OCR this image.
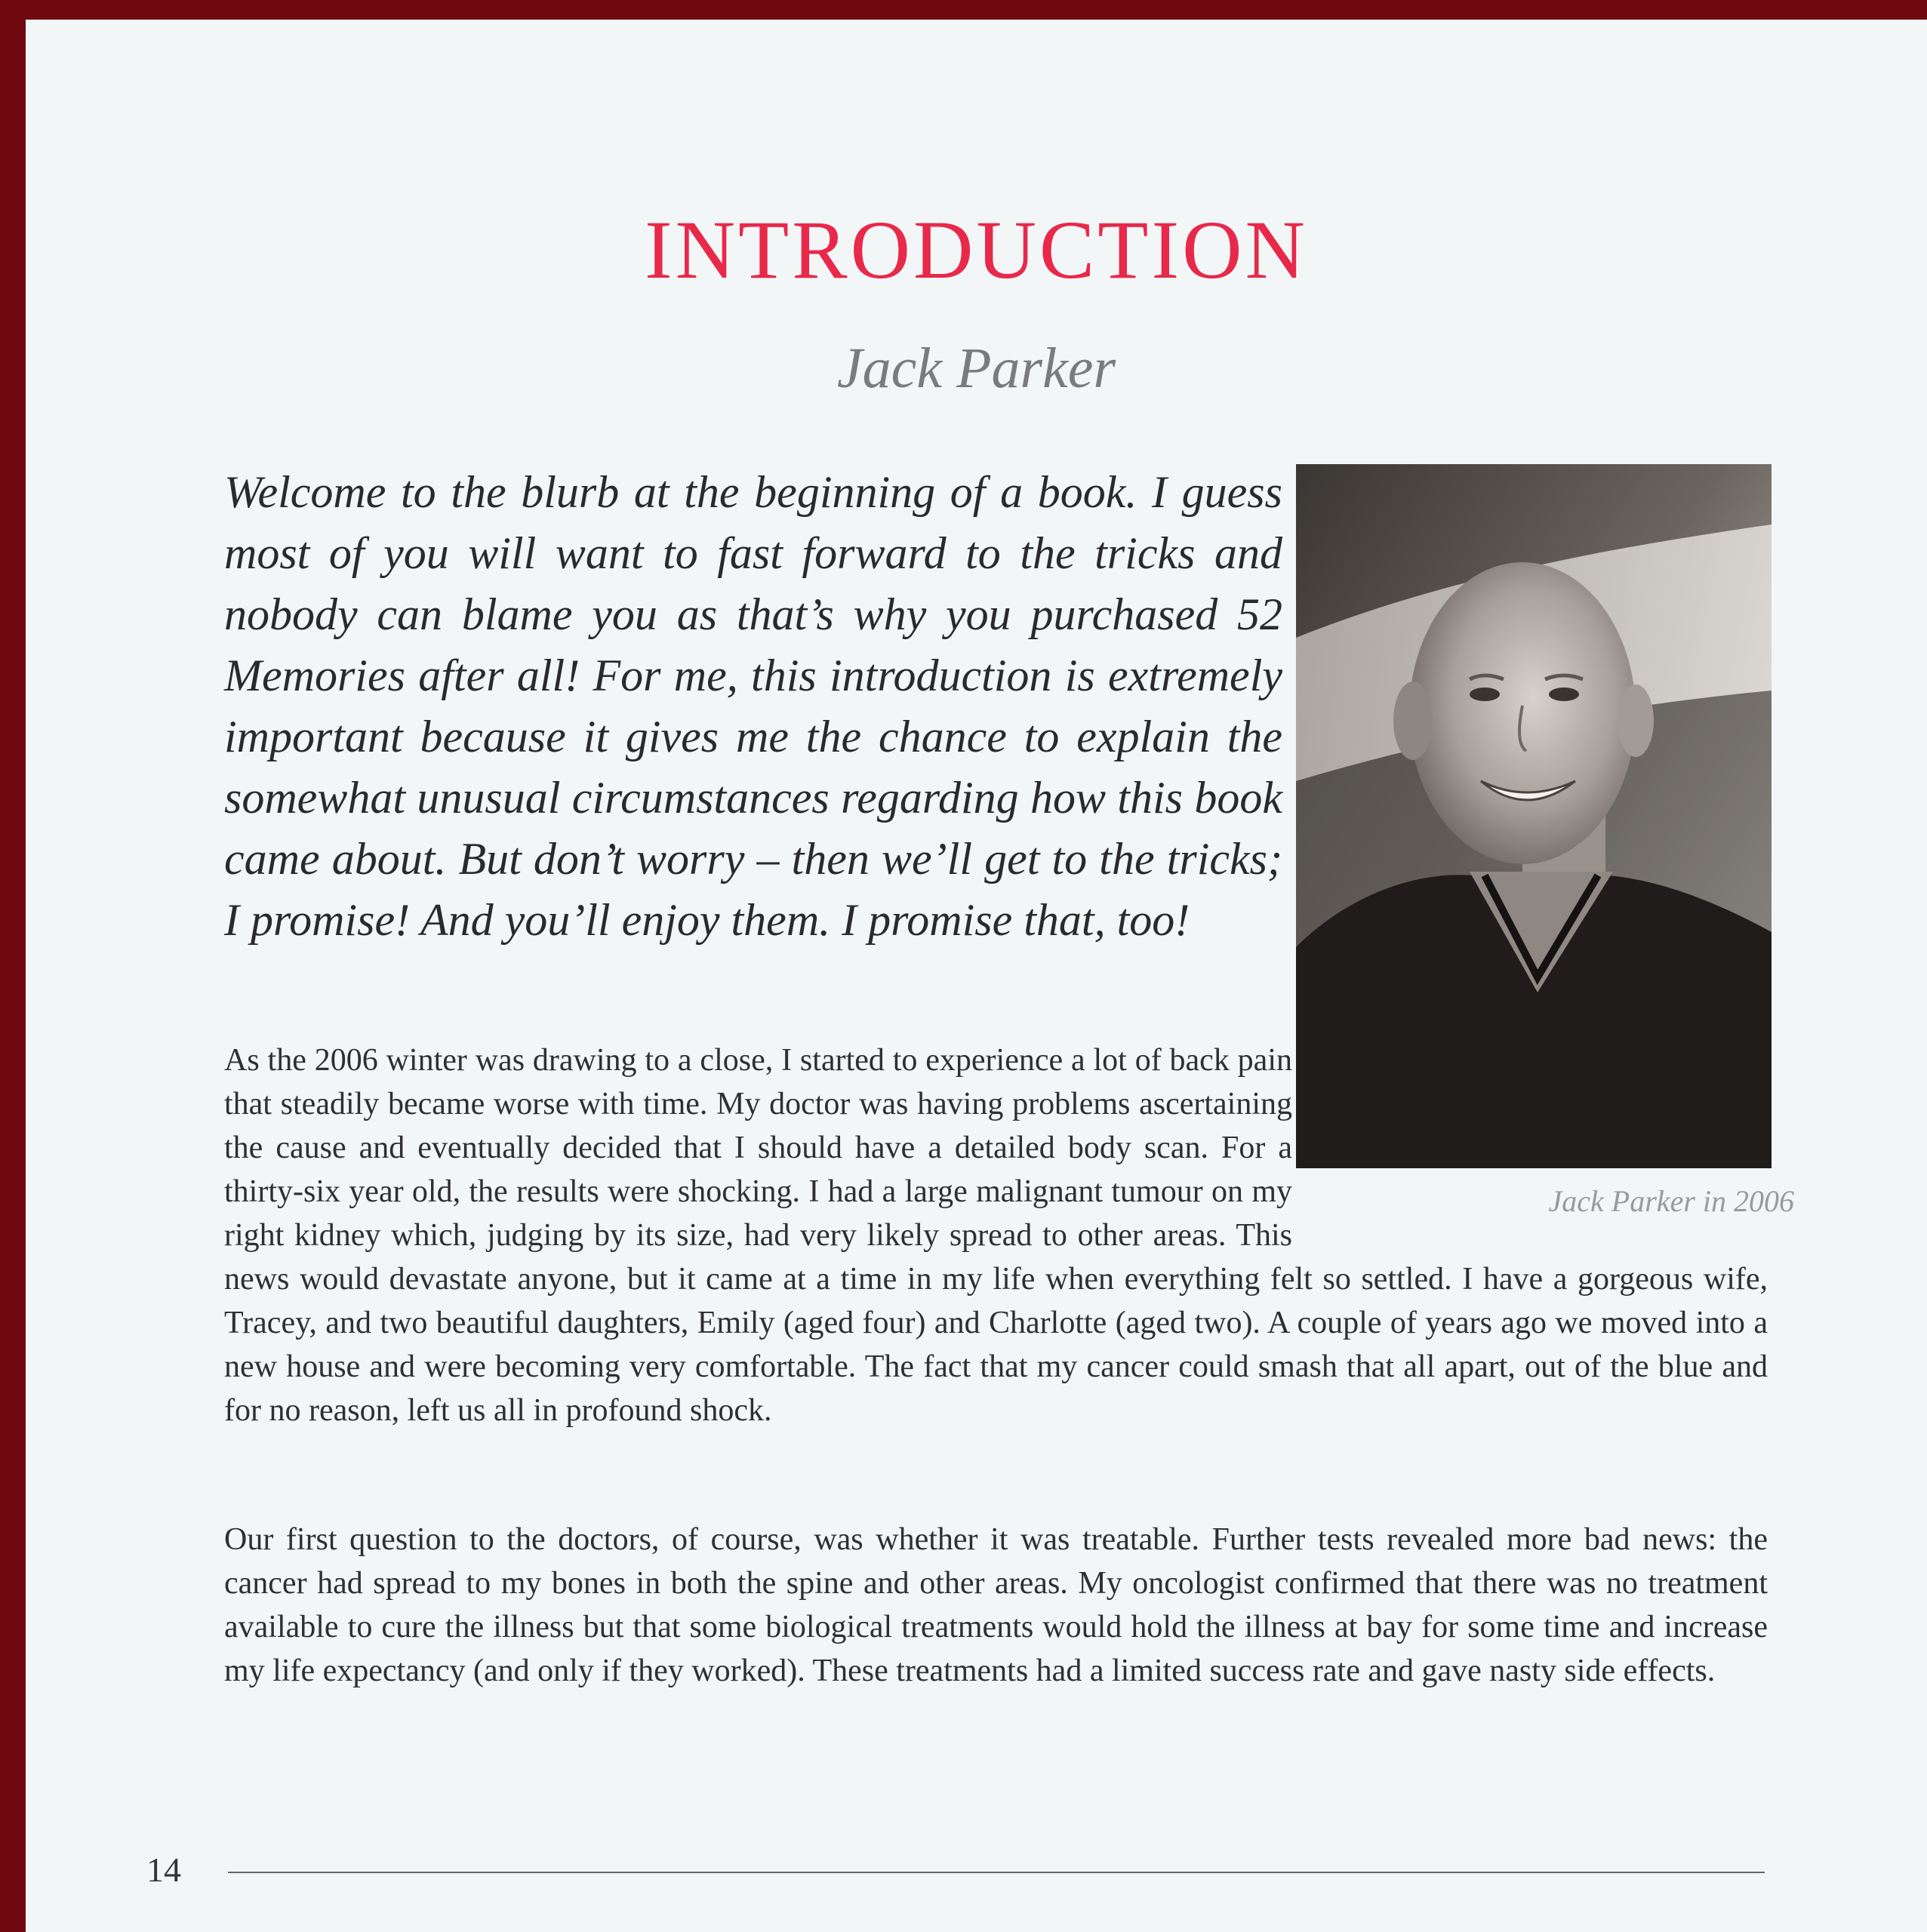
INTRODUCTION

Jack Parker

Welcome to the blurb at the beginning of a book. I guess most of you will want to fast forward to the tricks and nobody can blame you as that’s why you purchased 52 Memories after all! For me, this introduction is extremely important because it gives me the chance to explain the somewhat unusual circumstances regarding how this book came about. But don’t worry – then we’ll get to the tricks; I promise! And you’ll enjoy them. I promise that, too!

Jack Parker in 2006

As the 2006 winter was drawing to a close, I started to experience a lot of back pain that steadily became worse with time. My doctor was having problems ascertaining the cause and eventually decided that I should have a detailed body scan. For a thirty-six year old, the results were shocking. I had a large malignant tumour on my right kidney which, judging by its size, had very likely spread to other areas. This news would devastate anyone, but it came at a time in my life when everything felt so settled. I have a gorgeous wife, Tracey, and two beautiful daughters, Emily (aged four) and Charlotte (aged two). A couple of years ago we moved into a new house and were becoming very comfortable. The fact that my cancer could smash that all apart, out of the blue and for no reason, left us all in profound shock.

Our first question to the doctors, of course, was whether it was treatable. Further tests revealed more bad news: the cancer had spread to my bones in both the spine and other areas. My oncologist confirmed that there was no treatment available to cure the illness but that some biological treatments would hold the illness at bay for some time and increase my life expectancy (and only if they worked). These treatments had a limited success rate and gave nasty side effects.

14
